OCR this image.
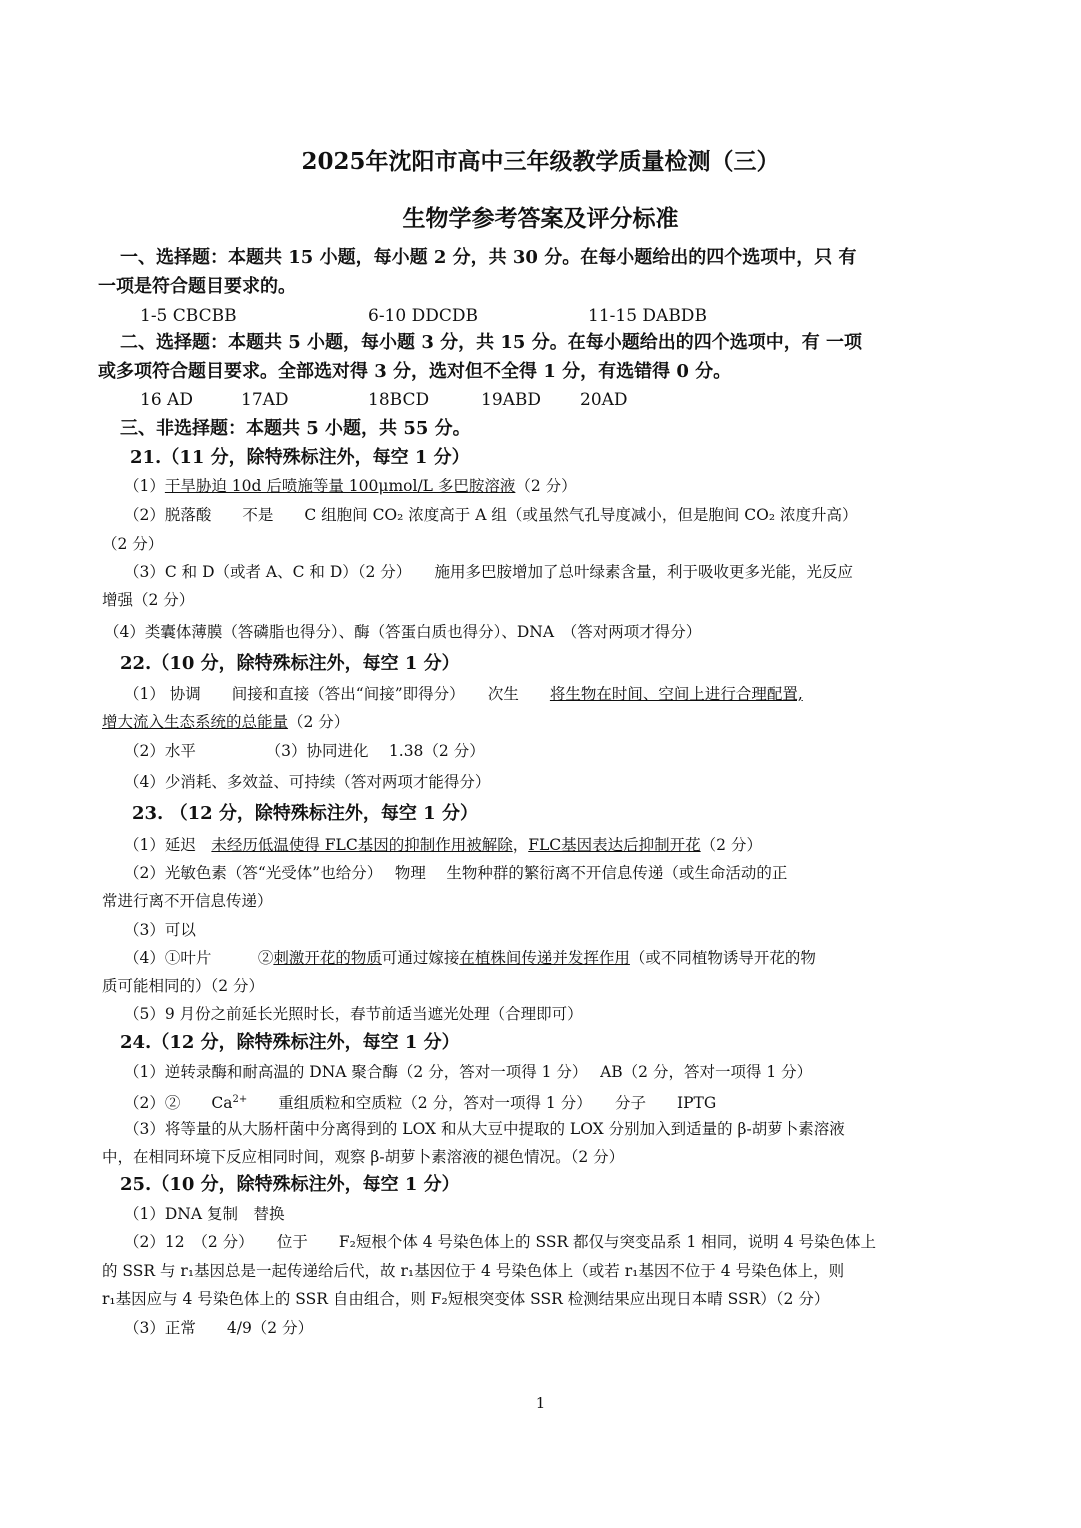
2025年沈阳市高中三年级教学质量检测（三）
生物学参考答案及评分标准
一、选择题：本题共 15 小题，每小题 2 分，共 30 分。在每小题给出的四个选项中，只 有
一项是符合题目要求的。
1-5 CBCBB	6-10 DDCDB	11-15 DABDB
二、选择题：本题共 5 小题，每小题 3 分，共 15 分。在每小题给出的四个选项中，有 一项
或多项符合题目要求。全部选对得 3 分，选对但不全得 1 分，有选错得 0 分。
16 AD	17AD	18BCD	19ABD 20AD
三、非选择题：本题共 5 小题，共 55 分。
21.（11 分，除特殊标注外，每空 1 分）
（1）干旱胁迫 10d 后喷施等量 100μmol/L 多巴胺溶液（2 分）
（2）脱落酸　　不是　　C 组胞间 CO₂ 浓度高于 A 组（或虽然气孔导度减小，但是胞间 CO₂ 浓度升高）
（2 分）
（3）C 和 D（或者 A、C 和 D）（2 分）　　施用多巴胺增加了总叶绿素含量，利于吸收更多光能，光反应
增强（2 分）
（4）类囊体薄膜（答磷脂也得分）、酶（答蛋白质也得分）、DNA　（答对两项才得分）
22.（10 分，除特殊标注外，每空 1 分）
（1） 协调　　间接和直接（答出“间接”即得分）　　次生　　将生物在时间、空间上进行合理配置,
增大流入生态系统的总能量（2 分）
（2）水平　　　　　（3）协同进化　 1.38（2 分）
（4）少消耗、多效益、可持续（答对两项才能得分）
23. （12 分，除特殊标注外，每空 1 分）
（1）延迟　未经历低温使得 FLC基因的抑制作用被解除，FLC基因表达后抑制开花（2 分）
（2）光敏色素（答“光受体”也给分）　 物理　 生物种群的繁衍离不开信息传递（或生命活动的正
常进行离不开信息传递）
（3）可以
（4）①叶片　　　②刺激开花的物质可通过嫁接在植株间传递并发挥作用（或不同植物诱导开花的物
质可能相同的）（2 分）
（5）9 月份之前延长光照时长，春节前适当遮光处理（合理即可）
24.（12 分，除特殊标注外，每空 1 分）
（1）逆转录酶和耐高温的 DNA 聚合酶（2 分，答对一项得 1 分）　 AB（2 分，答对一项得 1 分）
（2）②　　$Ca^{2+}$　　重组质粒和空质粒（2 分，答对一项得 1 分）　　分子　　IPTG
（3）将等量的从大肠杆菌中分离得到的 LOX 和从大豆中提取的 LOX 分别加入到适量的 β-胡萝卜素溶液
中，在相同环境下反应相同时间，观察 β-胡萝卜素溶液的褪色情况。（2 分）
25.（10 分，除特殊标注外，每空 1 分）
（1）DNA 复制　替换
（2）12　（2 分）　　位于　　F₂短根个体 4 号染色体上的 SSR 都仅与突变品系 1 相同，说明 4 号染色体上
的 SSR 与 r₁基因总是一起传递给后代，故 r₁基因位于 4 号染色体上（或若 r₁基因不位于 4 号染色体上，则
r₁基因应与 4 号染色体上的 SSR 自由组合，则 F₂短根突变体 SSR 检测结果应出现日本晴 SSR）（2 分）
（3）正常　　4/9（2 分）
1
